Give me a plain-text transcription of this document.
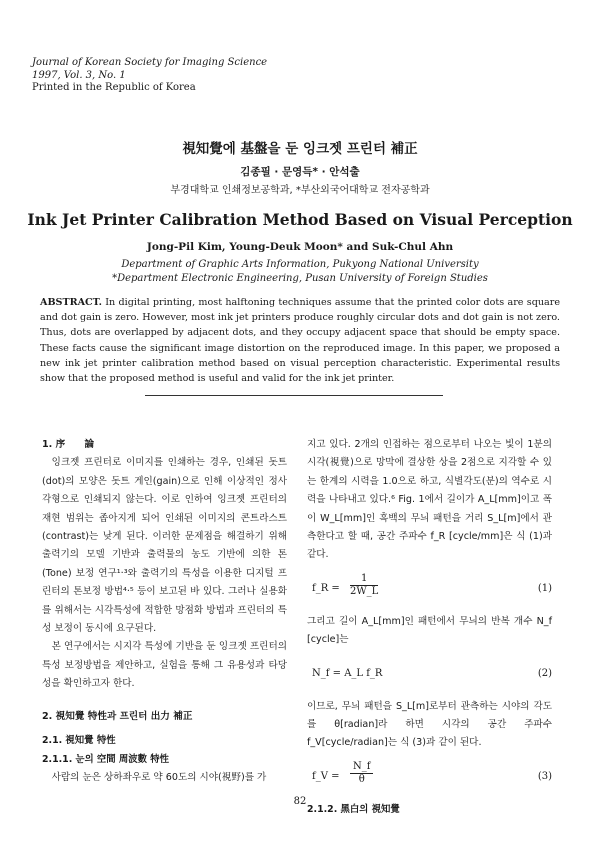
Journal of Korean Society for Imaging Science
1997, Vol. 3, No. 1
Printed in the Republic of Korea
視知覺에 基盤을 둔 잉크젯 프린터 補正
김종필 · 문영득* · 안석출
부경대학교 인쇄정보공학과, *부산외국어대학교 전자공학과
Ink Jet Printer Calibration Method Based on Visual Perception
Jong-Pil Kim, Young-Deuk Moon* and Suk-Chul Ahn
Department of Graphic Arts Information, Pukyong National University
*Department Electronic Engineering, Pusan University of Foreign Studies
ABSTRACT. In digital printing, most halftoning techniques assume that the printed color dots are square and dot gain is zero. However, most ink jet printers produce roughly circular dots and dot gain is not zero. Thus, dots are overlapped by adjacent dots, and they occupy adjacent space that should be empty space. These facts cause the significant image distortion on the reproduced image. In this paper, we proposed a new ink jet printer calibration method based on visual perception characteristic. Experimental results show that the proposed method is useful and valid for the ink jet printer.

1. 序　　論

잉크젯 프린터로 이미지를 인쇄하는 경우, 인쇄된 돗트(dot)의 모양은 돗트 게인(gain)으로 인해 이상적인 정사각형으로 인쇄되지 않는다. 이로 인하여 잉크젯 프린터의 재현 범위는 좁아지게 되어 인쇄된 이미지의 콘트라스트(contrast)는 낮게 된다. 이러한 문제점을 해결하기 위해 출력기의 모델 기반과 출력물의 농도 기반에 의한 톤(Tone) 보정 연구¹·³와 출력기의 특성을 이용한 디지털 프린터의 톤보정 방법⁴·⁵ 등이 보고된 바 있다. 그러나 실용화를 위해서는 시각특성에 적합한 망점화 방법과 프린터의 특성 보정이 동시에 요구된다.

본 연구에서는 시지각 특성에 기반을 둔 잉크젯 프린터의 특성 보정방법을 제안하고, 실험을 통해 그 유용성과 타당성을 확인하고자 한다.

2. 視知覺 特性과 프린터 出力 補正

2.1. 視知覺 特性

2.1.1. 눈의 空間 周波數 特性

사람의 눈은 상하좌우로 약 60도의 시야(視野)를 가

지고 있다. 2개의 인접하는 점으로부터 나오는 빛이 1분의 시각(視覺)으로 망막에 결상한 상을 2점으로 지각할 수 있는 한계의 시력을 1.0으로 하고, 식별각도(분)의 역수로 시력을 나타내고 있다.⁶ Fig. 1에서 길이가 A_L[mm]이고 폭이 W_L[mm]인 흑백의 무늬 패턴을 거리 S_L[m]에서 관측한다고 할 때, 공간 주파수 f_R [cycle/mm]은 식 (1)과 같다.

f_R = $\frac{1}{2W\_L}$	(1)

그리고 길이 A_L[mm]인 패턴에서 무늬의 반복 개수 N_f [cycle]는

N_f = A_L f_R	(2)

이므로, 무늬 패턴을 S_L[m]로부터 관측하는 시야의 각도를 θ[radian]라 하면 시각의 공간 주파수 f_V[cycle/radian]는 식 (3)과 같이 된다.

f_V = $\frac{N\_f}{\theta}$	(3)

2.1.2. 黑白의 視知覺

82
